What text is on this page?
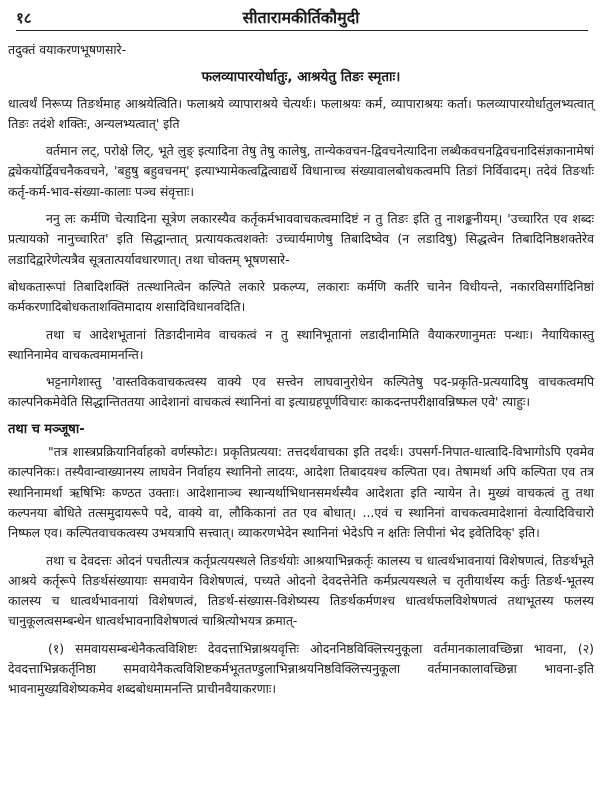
१८	सीतारामकीर्तिकौमुदी

तदुक्तं वयाकरणभूषणसारे-

फलव्यापारयोर्धातुः, आश्रयेतु तिङः स्मृताः।

धात्वर्थं निरूप्य तिङर्थमाह आश्रयेत्विति। फलाश्रये व्यापाराश्रये चेत्यर्थः। फलाश्रयः कर्म, व्यापाराश्रयः कर्ता। फलव्यापारयोर्धातुलभ्यत्वात् तिङः तदंशे शक्तिः, अन्यलभ्यत्वात्' इति

वर्तमान लट्, परोक्षे लिट्, भूते लुङ् इत्यादिना तेषु तेषु कालेषु, तान्येकवचन-द्विवचनेत्यादिना लब्धैकवचनद्विवचनादिसंज्ञकानामेषां द्व्येकयोर्द्विवचनैकवचने, 'बहुषु बहुवचनम्' इत्याभ्यामेकत्वद्वित्वाद्यर्थे विधानाच्च संख्यावालबोधकत्वमपि तिङां निर्विवादम्। तदेवं तिङर्थाः कर्तृ-कर्म-भाव-संख्या-कालाः पञ्च संवृत्ताः।

ननु लः कर्मणि चेत्यादिना सूत्रेण लकारस्यैव कर्तृकर्मभाववाचकत्वमादिष्टं न तु तिङः इति तु नाशङ्कनीयम्। 'उच्चारित एव शब्दः प्रत्यायको नानुच्चारित' इति सिद्धान्तात् प्रत्यायकत्वशक्तेः उच्चार्यमाणेषु तिबादिष्वेव (न लडादिषु) सिद्धत्वेन तिबादिनिष्ठशक्तेरेव लडादिद्वारेणेत्यत्रैव सूत्रतात्पर्यावधारणात्। तथा चोक्तम् भूषणसारे-

बोधकतारूपां तिबादिशक्तिं तत्स्थानित्वेन कल्पिते लकारे प्रकल्प्य, लकाराः कर्मणि कर्तरि चानेन विधीयन्ते, नकारविसर्गादिनिष्ठां कर्मकरणादिबोधकताशक्तिमादाय शसादिविधानवदिति।

तथा च आदेशभूतानां तिङादीनामेव वाचकत्वं न तु स्थानिभूतानां लडादीनामिति वैयाकरणानुमतः पन्थाः। नैयायिकास्तु स्थानिनामेव वाचकत्वमामनन्ति।

भट्टनागेशास्तु 'वास्तविकवाचकत्वस्य वाक्ये एव सत्त्वेन लाघवानुरोधेन कल्पितेषु पद-प्रकृति-प्रत्ययादिषु वाचकत्वमपि काल्पनिकमेवेति सिद्धान्तिततया आदेशानां वाचकत्वं स्थानिनां वा इत्याग्रहपूर्णविचारः काकदन्तपरीक्षावन्निष्फल एवे' त्याहुः।

तथा च मञ्जूषा-

"तत्र शास्त्रप्रक्रियानिर्वाहको वर्णस्फोटः। प्रकृतिप्रत्यया: तत्तदर्थवाचका इति तदर्थः। उपसर्ग-निपात-धात्वादि-विभागोऽपि एवमेव काल्पनिकः। तस्यैवान्वाख्यानस्य लाघवेन निर्वाहय स्थानिनो लादयः, आदेशा तिबादयश्च कल्पिता एव। तेषामर्था अपि कल्पिता एव तत्र स्थानिनामर्था ऋषिभिः कण्ठत उक्ताः। आदेशानाञ्च स्थान्यर्थाभिधानसमर्थस्यैव आदेशता इति न्यायेन ते। मुख्यं वाचकत्वं तु तथा कल्पनया बोधिते तत्समुदायरूपे पदे, वाक्ये वा, लौकिकानां तत एव बोधात्। ...एवं च स्थानिनां वाचकत्वमादेशानां वेत्यादिविचारो निष्फल एव। कल्पितवाचकत्वस्य उभयत्रापि सत्त्वात्। व्याकरणभेदेन स्थानिनां भेदेऽपि न क्षतिः लिपीनां भेद इवेतिदिक्' इति।

तथा च देवदत्तः ओदनं पचतीत्यत्र कर्तृप्रत्ययस्थले तिङर्थयोः आश्रयाभिन्नकर्तृः कालस्य च धात्वर्थभावनायां विशेषणत्वं, तिङर्थभूते आश्रये कर्तृरूपे तिङर्थसंख्यायाः समवायेन विशेषणत्वं, पच्यते ओदनो देवदत्तेनेति कर्मप्रत्ययस्थले च तृतीयार्थस्य कर्तुः तिङर्थ-भूतस्य कालस्य च धात्वर्थभावनायां विशेषणत्वं, तिङर्थ-संख्यास-विशेष्यस्य तिङर्थकर्मणश्च धात्वर्थफलविशेषणत्वं तथाभूतस्य फलस्य चानुकूलत्वसम्बन्धेन धात्वर्थभावनाविशेषणत्वं चाश्रित्योभयत्र क्रमात्-

(१) समवायसम्बन्धेनैकत्वविशिष्टः देवदत्ताभिन्नाश्रयवृत्तिः ओदननिष्ठविक्लित्त्यनुकूला वर्तमानकालावच्छिन्ना भावना, (२) देवदत्ताभिन्नकर्तृनिष्ठा समवायेनैकत्वविशिष्टकर्मभूततण्डुलाभिन्नाश्रयनिष्ठविक्लित्त्यनुकूला वर्तमानकालावच्छिन्ना भावना-इति भावनामुख्यविशेष्यकमेव शब्दबोधमामनन्ति प्राचीनवैयाकरणाः।
